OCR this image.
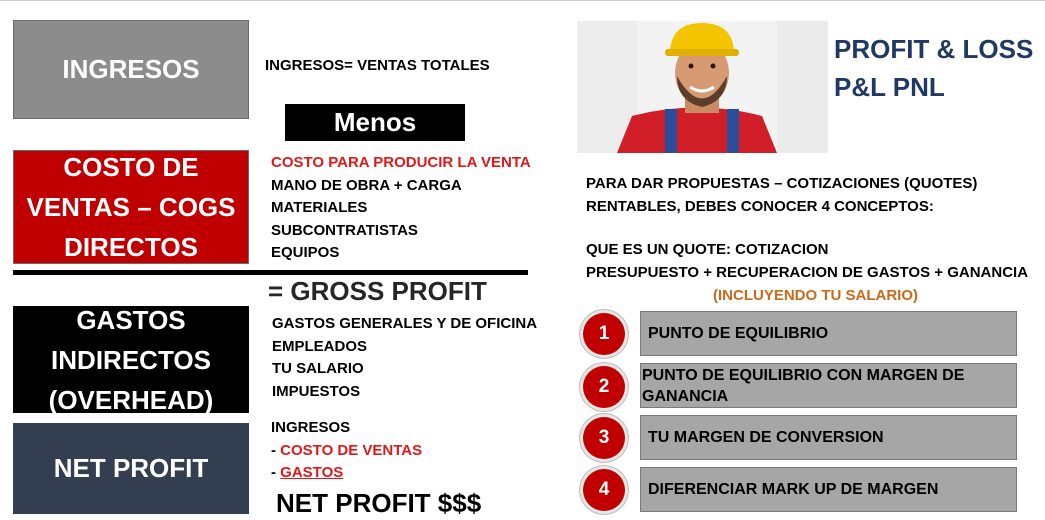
INGRESOS
Menos
COSTO DE
VENTAS – COGS
DIRECTOS
GASTOS
INDIRECTOS
(OVERHEAD)
NET PROFIT
INGRESOS= VENTAS TOTALES
COSTO PARA PRODUCIR LA VENTA
MANO DE OBRA + CARGA
MATERIALES
SUBCONTRATISTAS
EQUIPOS
= GROSS PROFIT
GASTOS GENERALES Y DE OFICINA
EMPLEADOS
TU SALARIO
IMPUESTOS
INGRESOS
- COSTO DE VENTAS
- GASTOS
NET PROFIT $$$
PROFIT & LOSS
P&L PNL
PARA DAR PROPUESTAS – COTIZACIONES (QUOTES)
RENTABLES, DEBES CONOCER 4 CONCEPTOS:
QUE ES UN QUOTE: COTIZACION
PRESUPUESTO + RECUPERACION DE GASTOS + GANANCIA
(INCLUYENDO TU SALARIO)
1	PUNTO DE EQUILIBRIO
2
PUNTO DE EQUILIBRIO CON MARGEN DE GANANCIA
3	TU MARGEN DE CONVERSION
4	DIFERENCIAR MARK UP DE MARGEN
